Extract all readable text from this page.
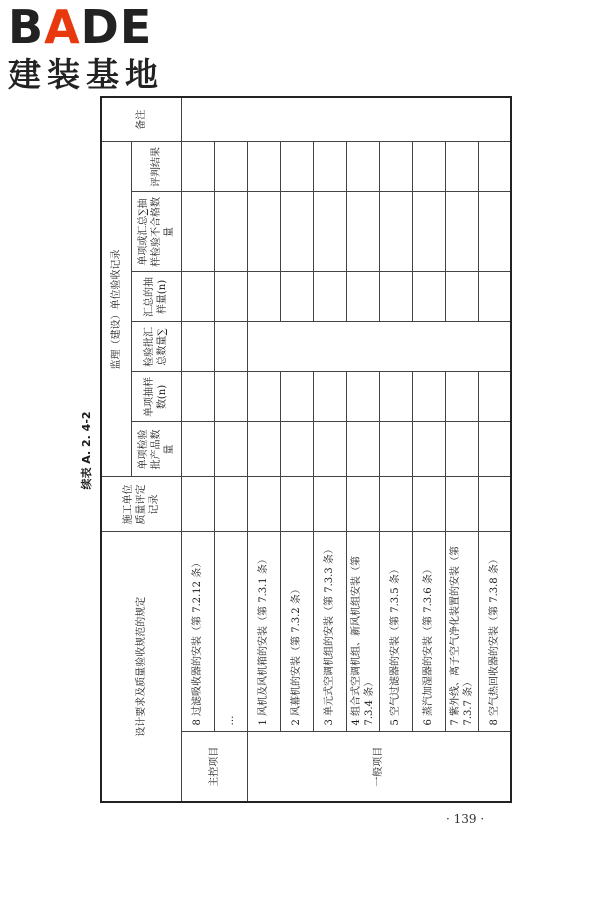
BADE
建装基地
续表 A. 2. 4-2
设计要求及质量验收规范的规定		施工单位质量评定记录	监理（建设）单位验收记录						备注
			单项检验批产品数量	单项抽样数(n)	检验批汇总数量∑	汇总的抽样量(n)	单项或汇总∑抽样检验不合格数量	评判结果	
主控项目	8 过滤吸收器的安装（第 7.2.12 条）								
	…								
一般项目	1 风机及风机箱的安装（第 7.3.1 条）								
	2 风幕机的安装（第 7.3.2 条）								
	3 单元式空调机组的安装（第 7.3.3 条）								
	4 组合式空调机组、新风机组安装（第 7.3.4 条）								
	5 空气过滤器的安装（第 7.3.5 条）								
	6 蒸汽加湿器的安装（第 7.3.6 条）								
	7 紫外线、离子空气净化装置的安装（第 7.3.7 条）								
	8 空气热回收器的安装（第 7.3.8 条）								
· 139 ·
